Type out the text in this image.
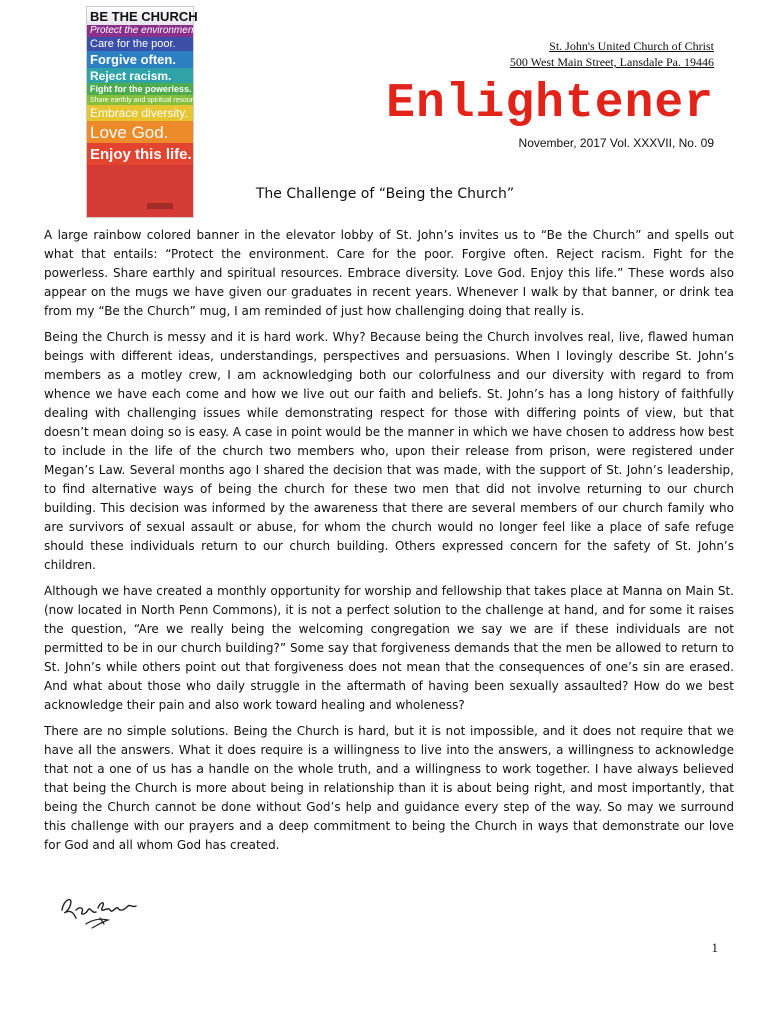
BE THE CHURCH
Protect the environment.
Care for the poor.
Forgive often.
Reject racism.
Fight for the powerless.
Share earthly and spiritual resources.
Embrace diversity.
Love God.
Enjoy this life.
St. John's United Church of Christ
500 West Main Street, Lansdale Pa. 19446
Enlightener
November, 2017 Vol. XXXVII, No. 09
The Challenge of “Being the Church”

A large rainbow colored banner in the elevator lobby of St. John’s invites us to “Be the Church” and spells out what that entails: “Protect the environment. Care for the poor. Forgive often. Reject racism. Fight for the powerless. Share earthly and spiritual resources. Embrace diversity. Love God. Enjoy this life.” These words also appear on the mugs we have given our graduates in recent years. Whenever I walk by that banner, or drink tea from my “Be the Church” mug, I am reminded of just how challenging doing that really is.

Being the Church is messy and it is hard work. Why? Because being the Church involves real, live, flawed human beings with different ideas, understandings, perspectives and persuasions. When I lovingly describe St. John’s members as a motley crew, I am acknowledging both our colorfulness and our diversity with regard to from whence we have each come and how we live out our faith and beliefs. St. John’s has a long history of faithfully dealing with challenging issues while demonstrating respect for those with differing points of view, but that doesn’t mean doing so is easy. A case in point would be the manner in which we have chosen to address how best to include in the life of the church two members who, upon their release from prison, were registered under Megan’s Law. Several months ago I shared the decision that was made, with the support of St. John’s leadership, to find alternative ways of being the church for these two men that did not involve returning to our church building. This decision was informed by the awareness that there are several members of our church family who are survivors of sexual assault or abuse, for whom the church would no longer feel like a place of safe refuge should these individuals return to our church building. Others expressed concern for the safety of St. John’s children.

Although we have created a monthly opportunity for worship and fellowship that takes place at Manna on Main St. (now located in North Penn Commons), it is not a perfect solution to the challenge at hand, and for some it raises the question, “Are we really being the welcoming congregation we say we are if these individuals are not permitted to be in our church building?” Some say that forgiveness demands that the men be allowed to return to St. John’s while others point out that forgiveness does not mean that the consequences of one’s sin are erased. And what about those who daily struggle in the aftermath of having been sexually assaulted? How do we best acknowledge their pain and also work toward healing and wholeness?

There are no simple solutions. Being the Church is hard, but it is not impossible, and it does not require that we have all the answers. What it does require is a willingness to live into the answers, a willingness to acknowledge that not a one of us has a handle on the whole truth, and a willingness to work together. I have always believed that being the Church is more about being in relationship than it is about being right, and most importantly, that being the Church cannot be done without God’s help and guidance every step of the way. So may we surround this challenge with our prayers and a deep commitment to being the Church in ways that demonstrate our love for God and all whom God has created.

1
